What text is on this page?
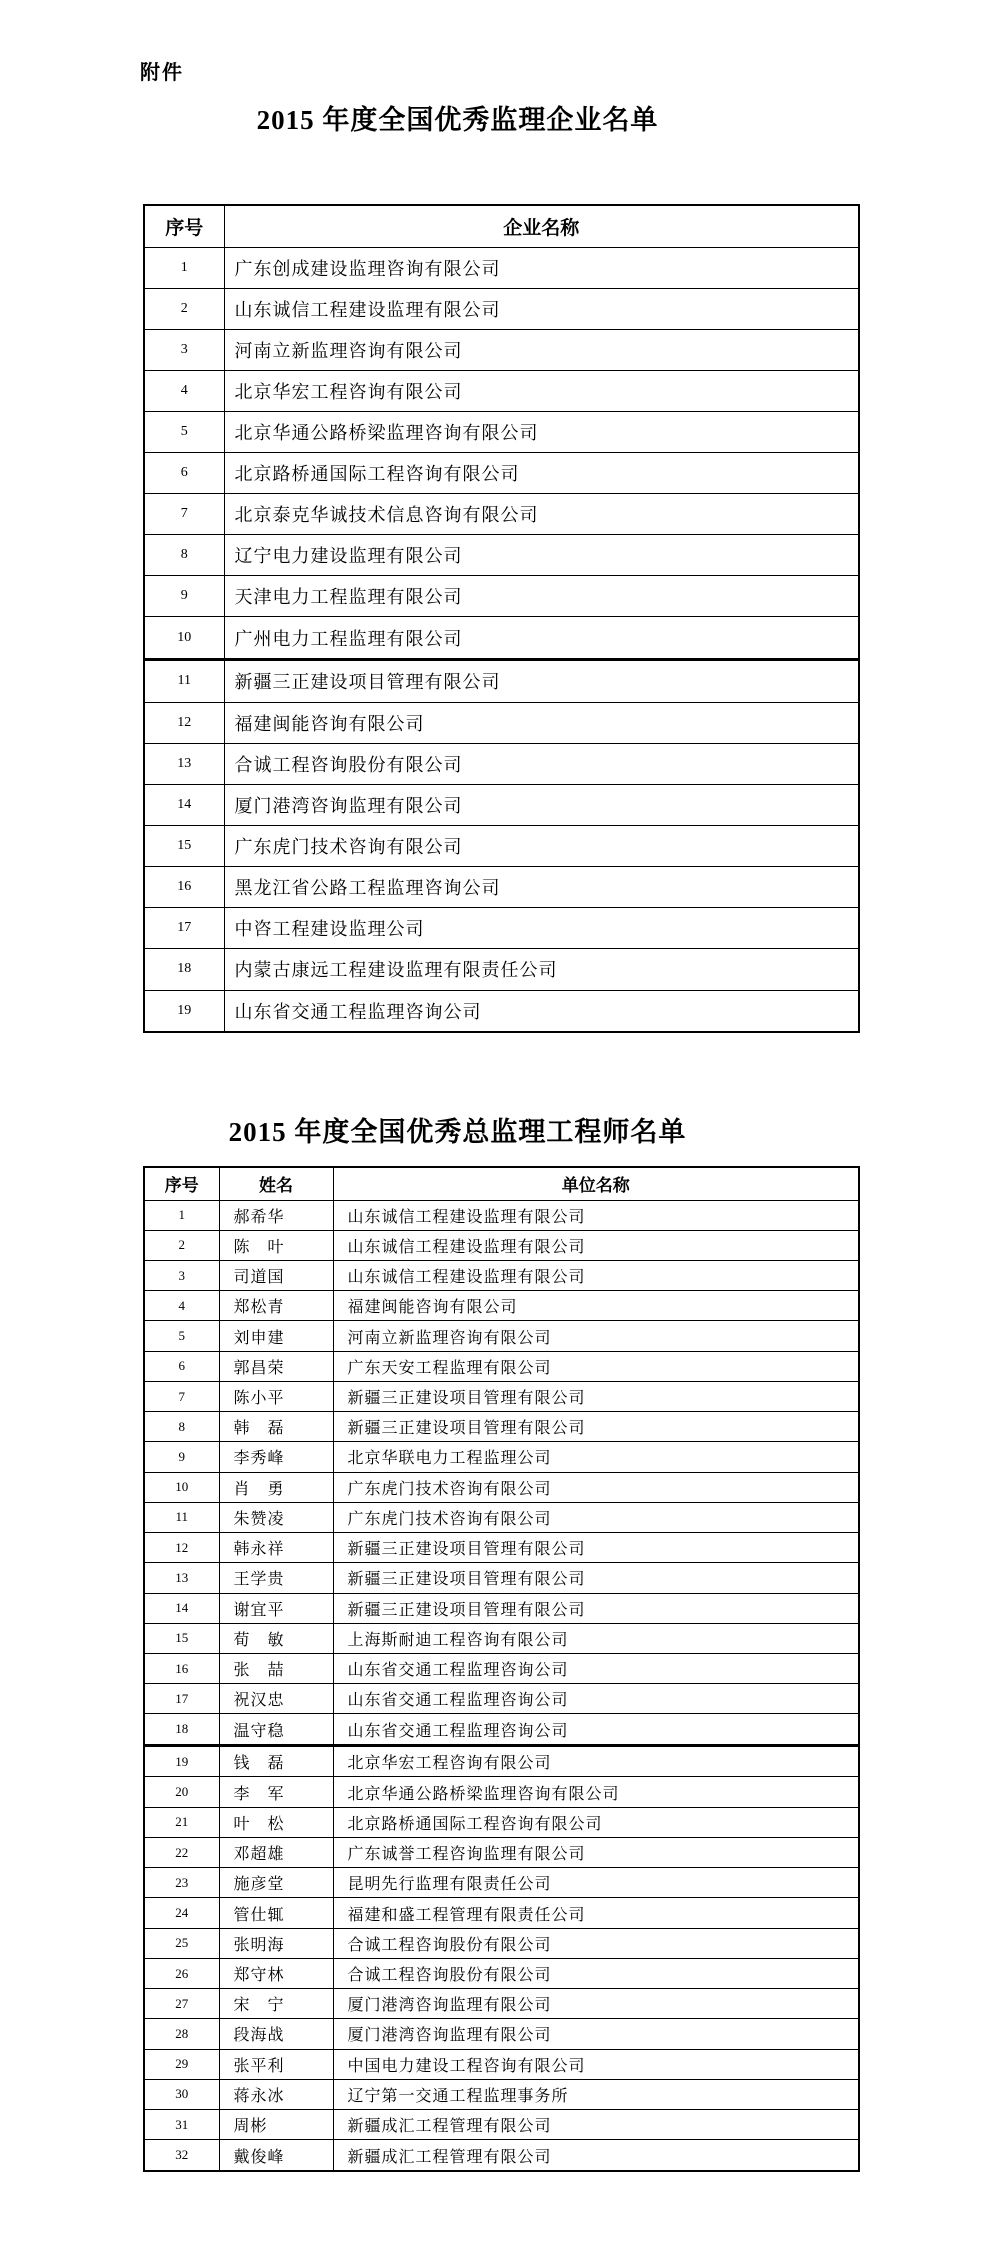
附件
2015 年度全国优秀监理企业名单
序号	企业名称
1	广东创成建设监理咨询有限公司
2	山东诚信工程建设监理有限公司
3	河南立新监理咨询有限公司
4	北京华宏工程咨询有限公司
5	北京华通公路桥梁监理咨询有限公司
6	北京路桥通国际工程咨询有限公司
7	北京泰克华诚技术信息咨询有限公司
8	辽宁电力建设监理有限公司
9	天津电力工程监理有限公司
10	广州电力工程监理有限公司
11	新疆三正建设项目管理有限公司
12	福建闽能咨询有限公司
13	合诚工程咨询股份有限公司
14	厦门港湾咨询监理有限公司
15	广东虎门技术咨询有限公司
16	黑龙江省公路工程监理咨询公司
17	中咨工程建设监理公司
18	内蒙古康远工程建设监理有限责任公司
19	山东省交通工程监理咨询公司
2015 年度全国优秀总监理工程师名单
序号	姓名	单位名称
1	郝希华	山东诚信工程建设监理有限公司
2	陈　叶	山东诚信工程建设监理有限公司
3	司道国	山东诚信工程建设监理有限公司
4	郑松青	福建闽能咨询有限公司
5	刘申建	河南立新监理咨询有限公司
6	郭昌荣	广东天安工程监理有限公司
7	陈小平	新疆三正建设项目管理有限公司
8	韩　磊	新疆三正建设项目管理有限公司
9	李秀峰	北京华联电力工程监理公司
10	肖　勇	广东虎门技术咨询有限公司
11	朱赞凌	广东虎门技术咨询有限公司
12	韩永祥	新疆三正建设项目管理有限公司
13	王学贵	新疆三正建设项目管理有限公司
14	谢宜平	新疆三正建设项目管理有限公司
15	荀　敏	上海斯耐迪工程咨询有限公司
16	张　喆	山东省交通工程监理咨询公司
17	祝汉忠	山东省交通工程监理咨询公司
18	温守稳	山东省交通工程监理咨询公司
19	钱　磊	北京华宏工程咨询有限公司
20	李　军	北京华通公路桥梁监理咨询有限公司
21	叶　松	北京路桥通国际工程咨询有限公司
22	邓超雄	广东诚誉工程咨询监理有限公司
23	施彦堂	昆明先行监理有限责任公司
24	管仕辄	福建和盛工程管理有限责任公司
25	张明海	合诚工程咨询股份有限公司
26	郑守林	合诚工程咨询股份有限公司
27	宋　宁	厦门港湾咨询监理有限公司
28	段海战	厦门港湾咨询监理有限公司
29	张平利	中国电力建设工程咨询有限公司
30	蒋永冰	辽宁第一交通工程监理事务所
31	周彬	新疆成汇工程管理有限公司
32	戴俊峰	新疆成汇工程管理有限公司
